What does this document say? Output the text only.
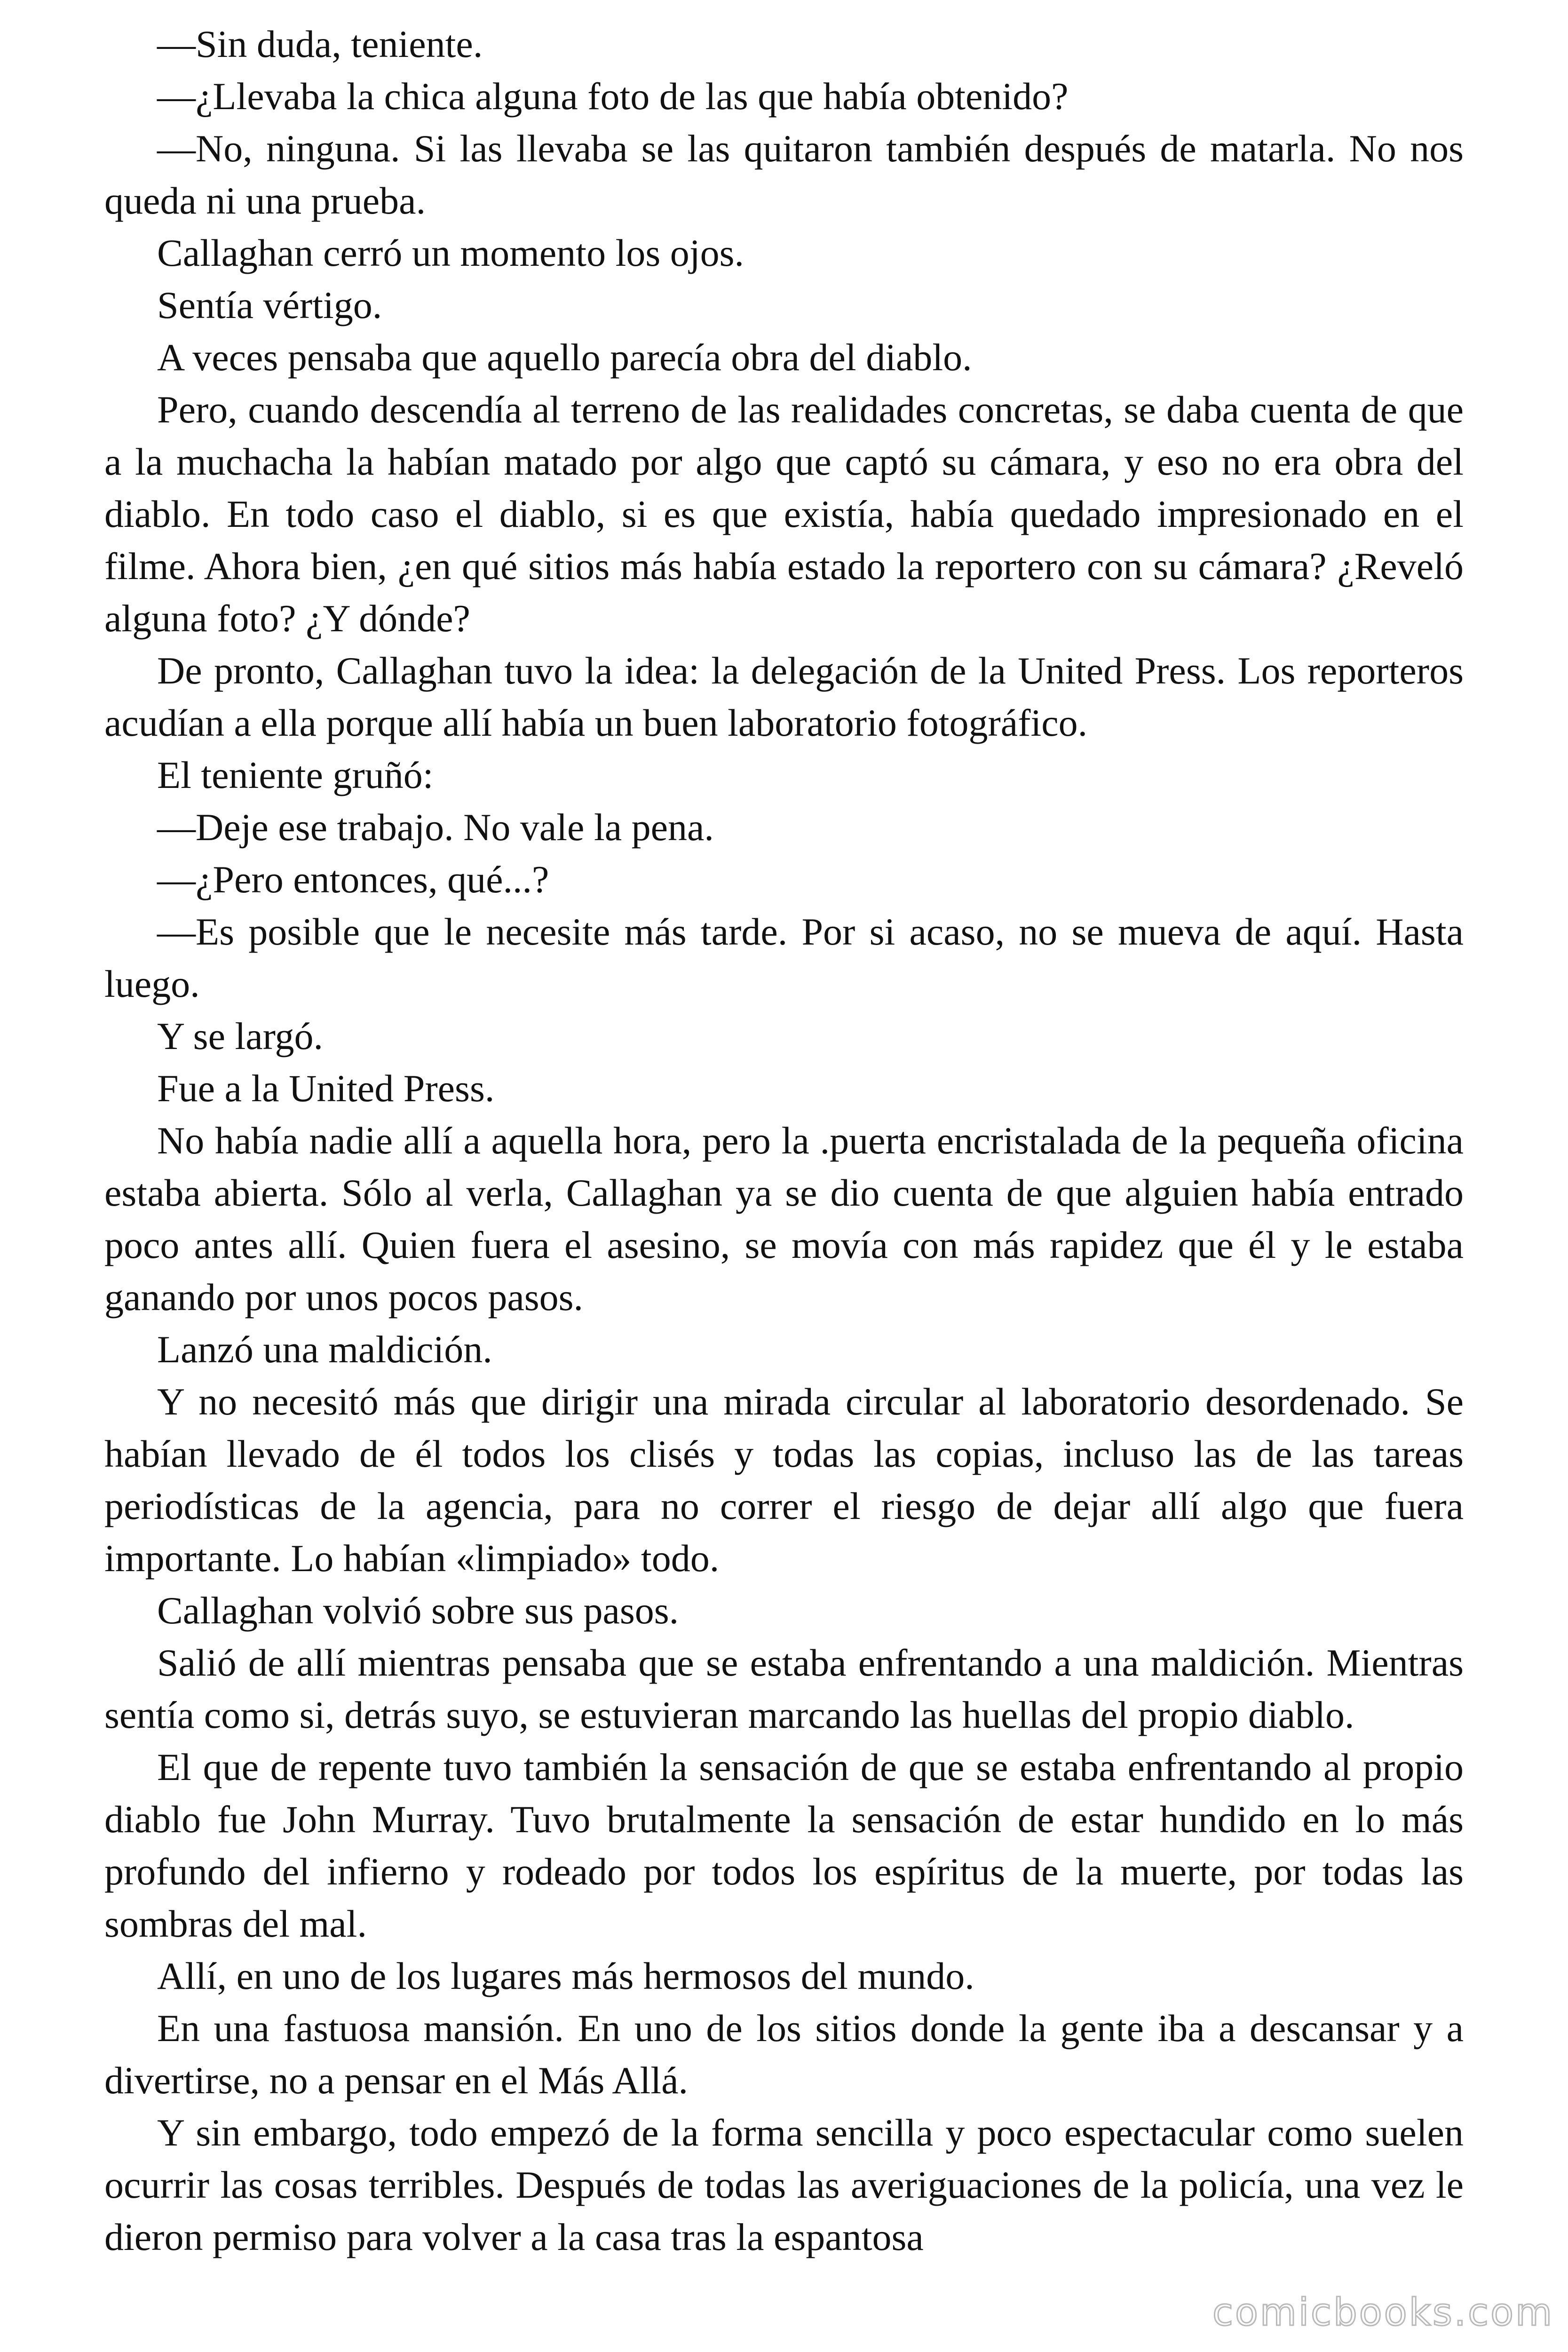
—Sin duda, teniente.

—¿Llevaba la chica alguna foto de las que había obtenido?

—No, ninguna. Si las llevaba se las quitaron también después de matarla. No nos queda ni una prueba.

Callaghan cerró un momento los ojos.

Sentía vértigo.

A veces pensaba que aquello parecía obra del diablo.

Pero, cuando descendía al terreno de las realidades concretas, se daba cuenta de que a la muchacha la habían matado por algo que captó su cámara, y eso no era obra del diablo. En todo caso el diablo, si es que existía, había quedado impresionado en el filme. Ahora bien, ¿en qué sitios más había estado la reportero con su cámara? ¿Reveló alguna foto? ¿Y dónde?

De pronto, Callaghan tuvo la idea: la delegación de la United Press. Los reporteros acudían a ella porque allí había un buen laboratorio fotográfico.

El teniente gruñó:

—Deje ese trabajo. No vale la pena.

—¿Pero entonces, qué...?

—Es posible que le necesite más tarde. Por si acaso, no se mueva de aquí. Hasta luego.

Y se largó.

Fue a la United Press.

No había nadie allí a aquella hora, pero la .puerta encristalada de la pequeña oficina estaba abierta. Sólo al verla, Callaghan ya se dio cuenta de que alguien había entrado poco antes allí. Quien fuera el asesino, se movía con más rapidez que él y le estaba ganando por unos pocos pasos.

Lanzó una maldición.

Y no necesitó más que dirigir una mirada circular al laboratorio desordenado. Se habían llevado de él todos los clisés y todas las copias, incluso las de las tareas periodísticas de la agencia, para no correr el riesgo de dejar allí algo que fuera importante. Lo habían «limpiado» todo.

Callaghan volvió sobre sus pasos.

Salió de allí mientras pensaba que se estaba enfrentando a una maldición. Mientras sentía como si, detrás suyo, se estuvieran marcando las huellas del propio diablo.

El que de repente tuvo también la sensación de que se estaba enfrentando al propio diablo fue John Murray. Tuvo brutalmente la sensación de estar hundido en lo más profundo del infierno y rodeado por todos los espíritus de la muerte, por todas las sombras del mal.

Allí, en uno de los lugares más hermosos del mundo.

En una fastuosa mansión. En uno de los sitios donde la gente iba a descansar y a divertirse, no a pensar en el Más Allá.

Y sin embargo, todo empezó de la forma sencilla y poco espectacular como suelen ocurrir las cosas terribles. Después de todas las averiguaciones de la policía, una vez le dieron permiso para volver a la casa tras la espantosa

comicbooks.com
